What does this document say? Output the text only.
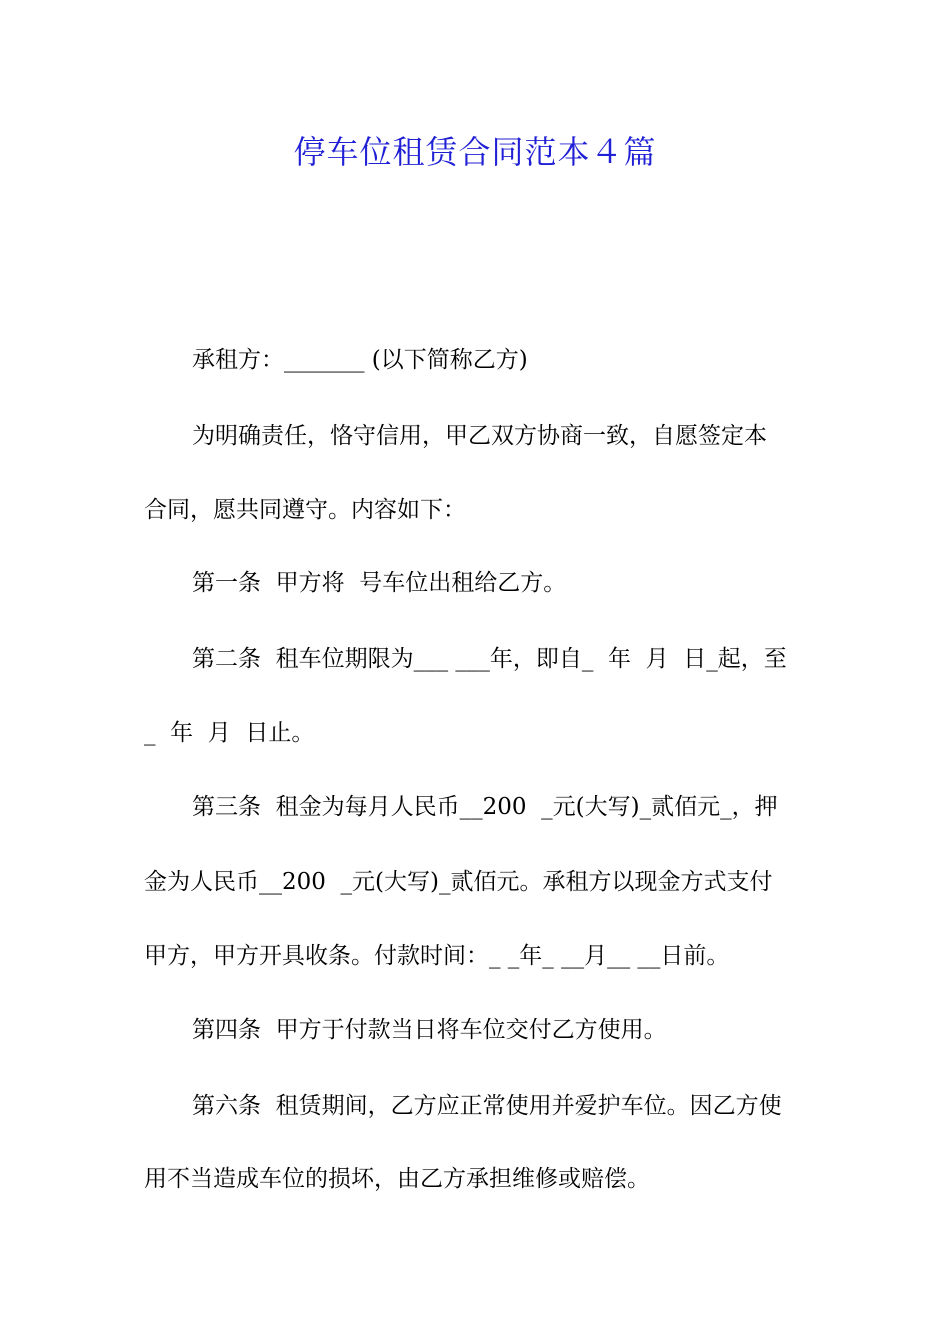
停车位租赁合同范本４篇
承租方：_______ (以下简称乙方)
为明确责任，恪守信用，甲乙双方协商一致，自愿签定本
合同，愿共同遵守。内容如下：
第一条  甲方将  号车位出租给乙方。
第二条  租车位期限为___ ___年，即自_  年  月  日_起，至
_  年  月  日止。
第三条  租金为每月人民币__200  _元(大写)_贰佰元_，押
金为人民币__200  _元(大写)_贰佰元。承租方以现金方式支付
甲方，甲方开具收条。付款时间：_ _年_ __月__ __日前。
第四条  甲方于付款当日将车位交付乙方使用。
第六条  租赁期间，乙方应正常使用并爱护车位。因乙方使
用不当造成车位的损坏，由乙方承担维修或赔偿。
